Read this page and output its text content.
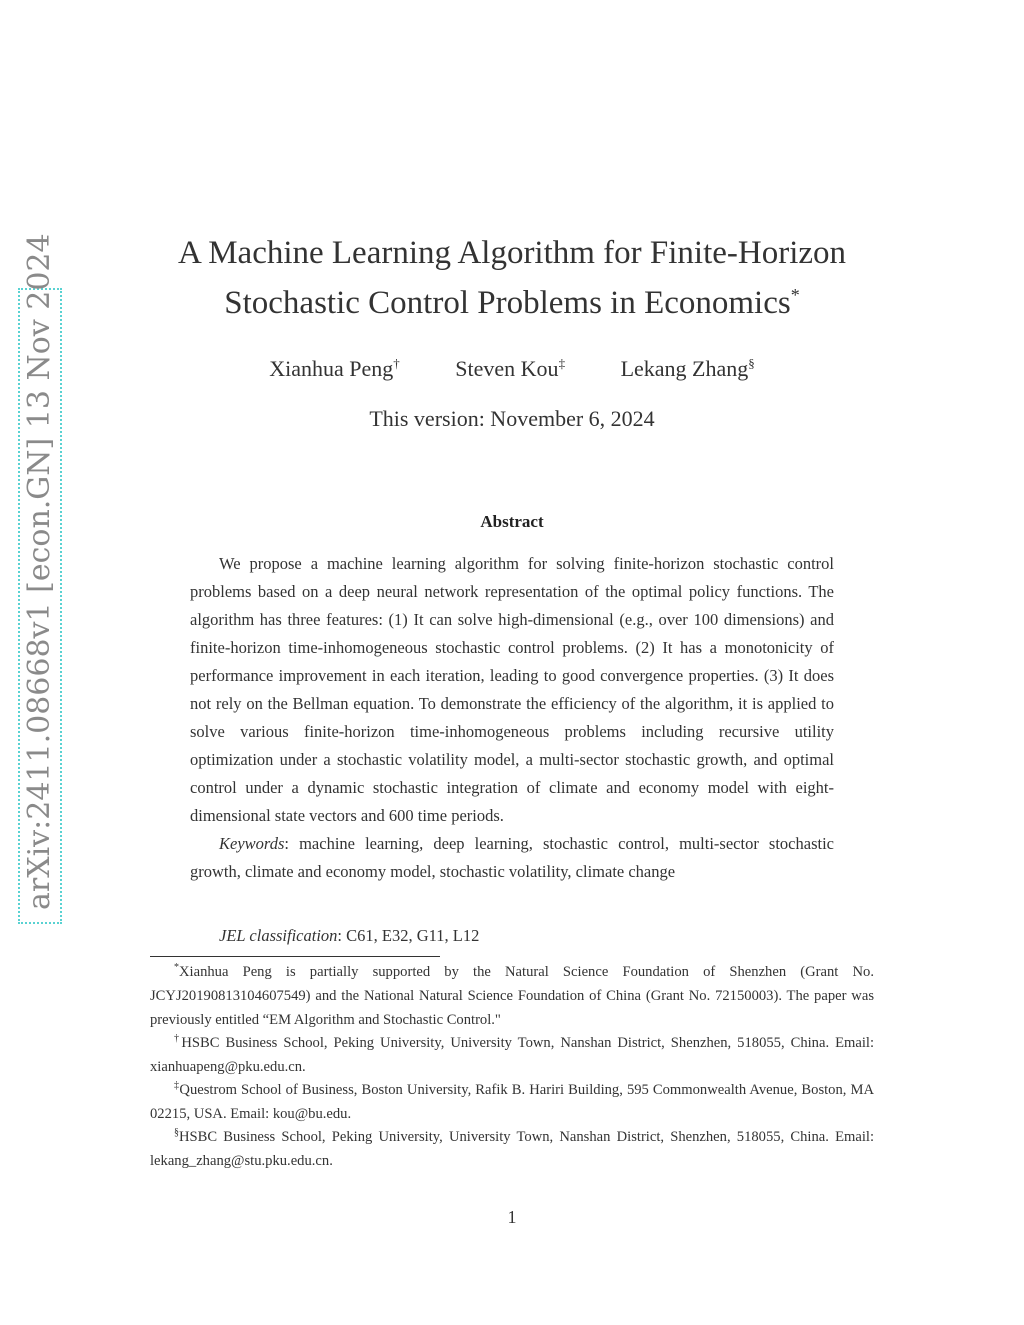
arXiv:2411.08668v1 [econ.GN] 13 Nov 2024	A Machine Learning Algorithm for Finite-Horizon
Stochastic Control Problems in Economics*
Xianhua Peng†	Steven Kou‡	Lekang Zhang§
This version: November 6, 2024
Abstract

We propose a machine learning algorithm for solving finite-horizon stochastic control problems based on a deep neural network representation of the optimal policy functions. The algorithm has three features: (1) It can solve high-dimensional (e.g., over 100 dimensions) and finite-horizon time-inhomogeneous stochastic control problems. (2) It has a monotonicity of performance improvement in each iteration, leading to good convergence properties. (3) It does not rely on the Bellman equation. To demonstrate the efficiency of the algorithm, it is applied to solve various finite-horizon time-inhomogeneous problems including recursive utility optimization under a stochastic volatility model, a multi-sector stochastic growth, and optimal control under a dynamic stochastic integration of climate and economy model with eight-dimensional state vectors and 600 time periods.

Keywords: machine learning, deep learning, stochastic control, multi-sector stochastic growth, climate and economy model, stochastic volatility, climate change

JEL classification: C61, E32, G11, L12

*Xianhua Peng is partially supported by the Natural Science Foundation of Shenzhen (Grant No. JCYJ20190813104607549) and the National Natural Science Foundation of China (Grant No. 72150003). The paper was previously entitled “EM Algorithm and Stochastic Control."

†HSBC Business School, Peking University, University Town, Nanshan District, Shenzhen, 518055, China. Email: xianhuapeng@pku.edu.cn.

‡Questrom School of Business, Boston University, Rafik B. Hariri Building, 595 Commonwealth Avenue, Boston, MA 02215, USA. Email: kou@bu.edu.

§HSBC Business School, Peking University, University Town, Nanshan District, Shenzhen, 518055, China. Email: lekang_zhang@stu.pku.edu.cn.

1
